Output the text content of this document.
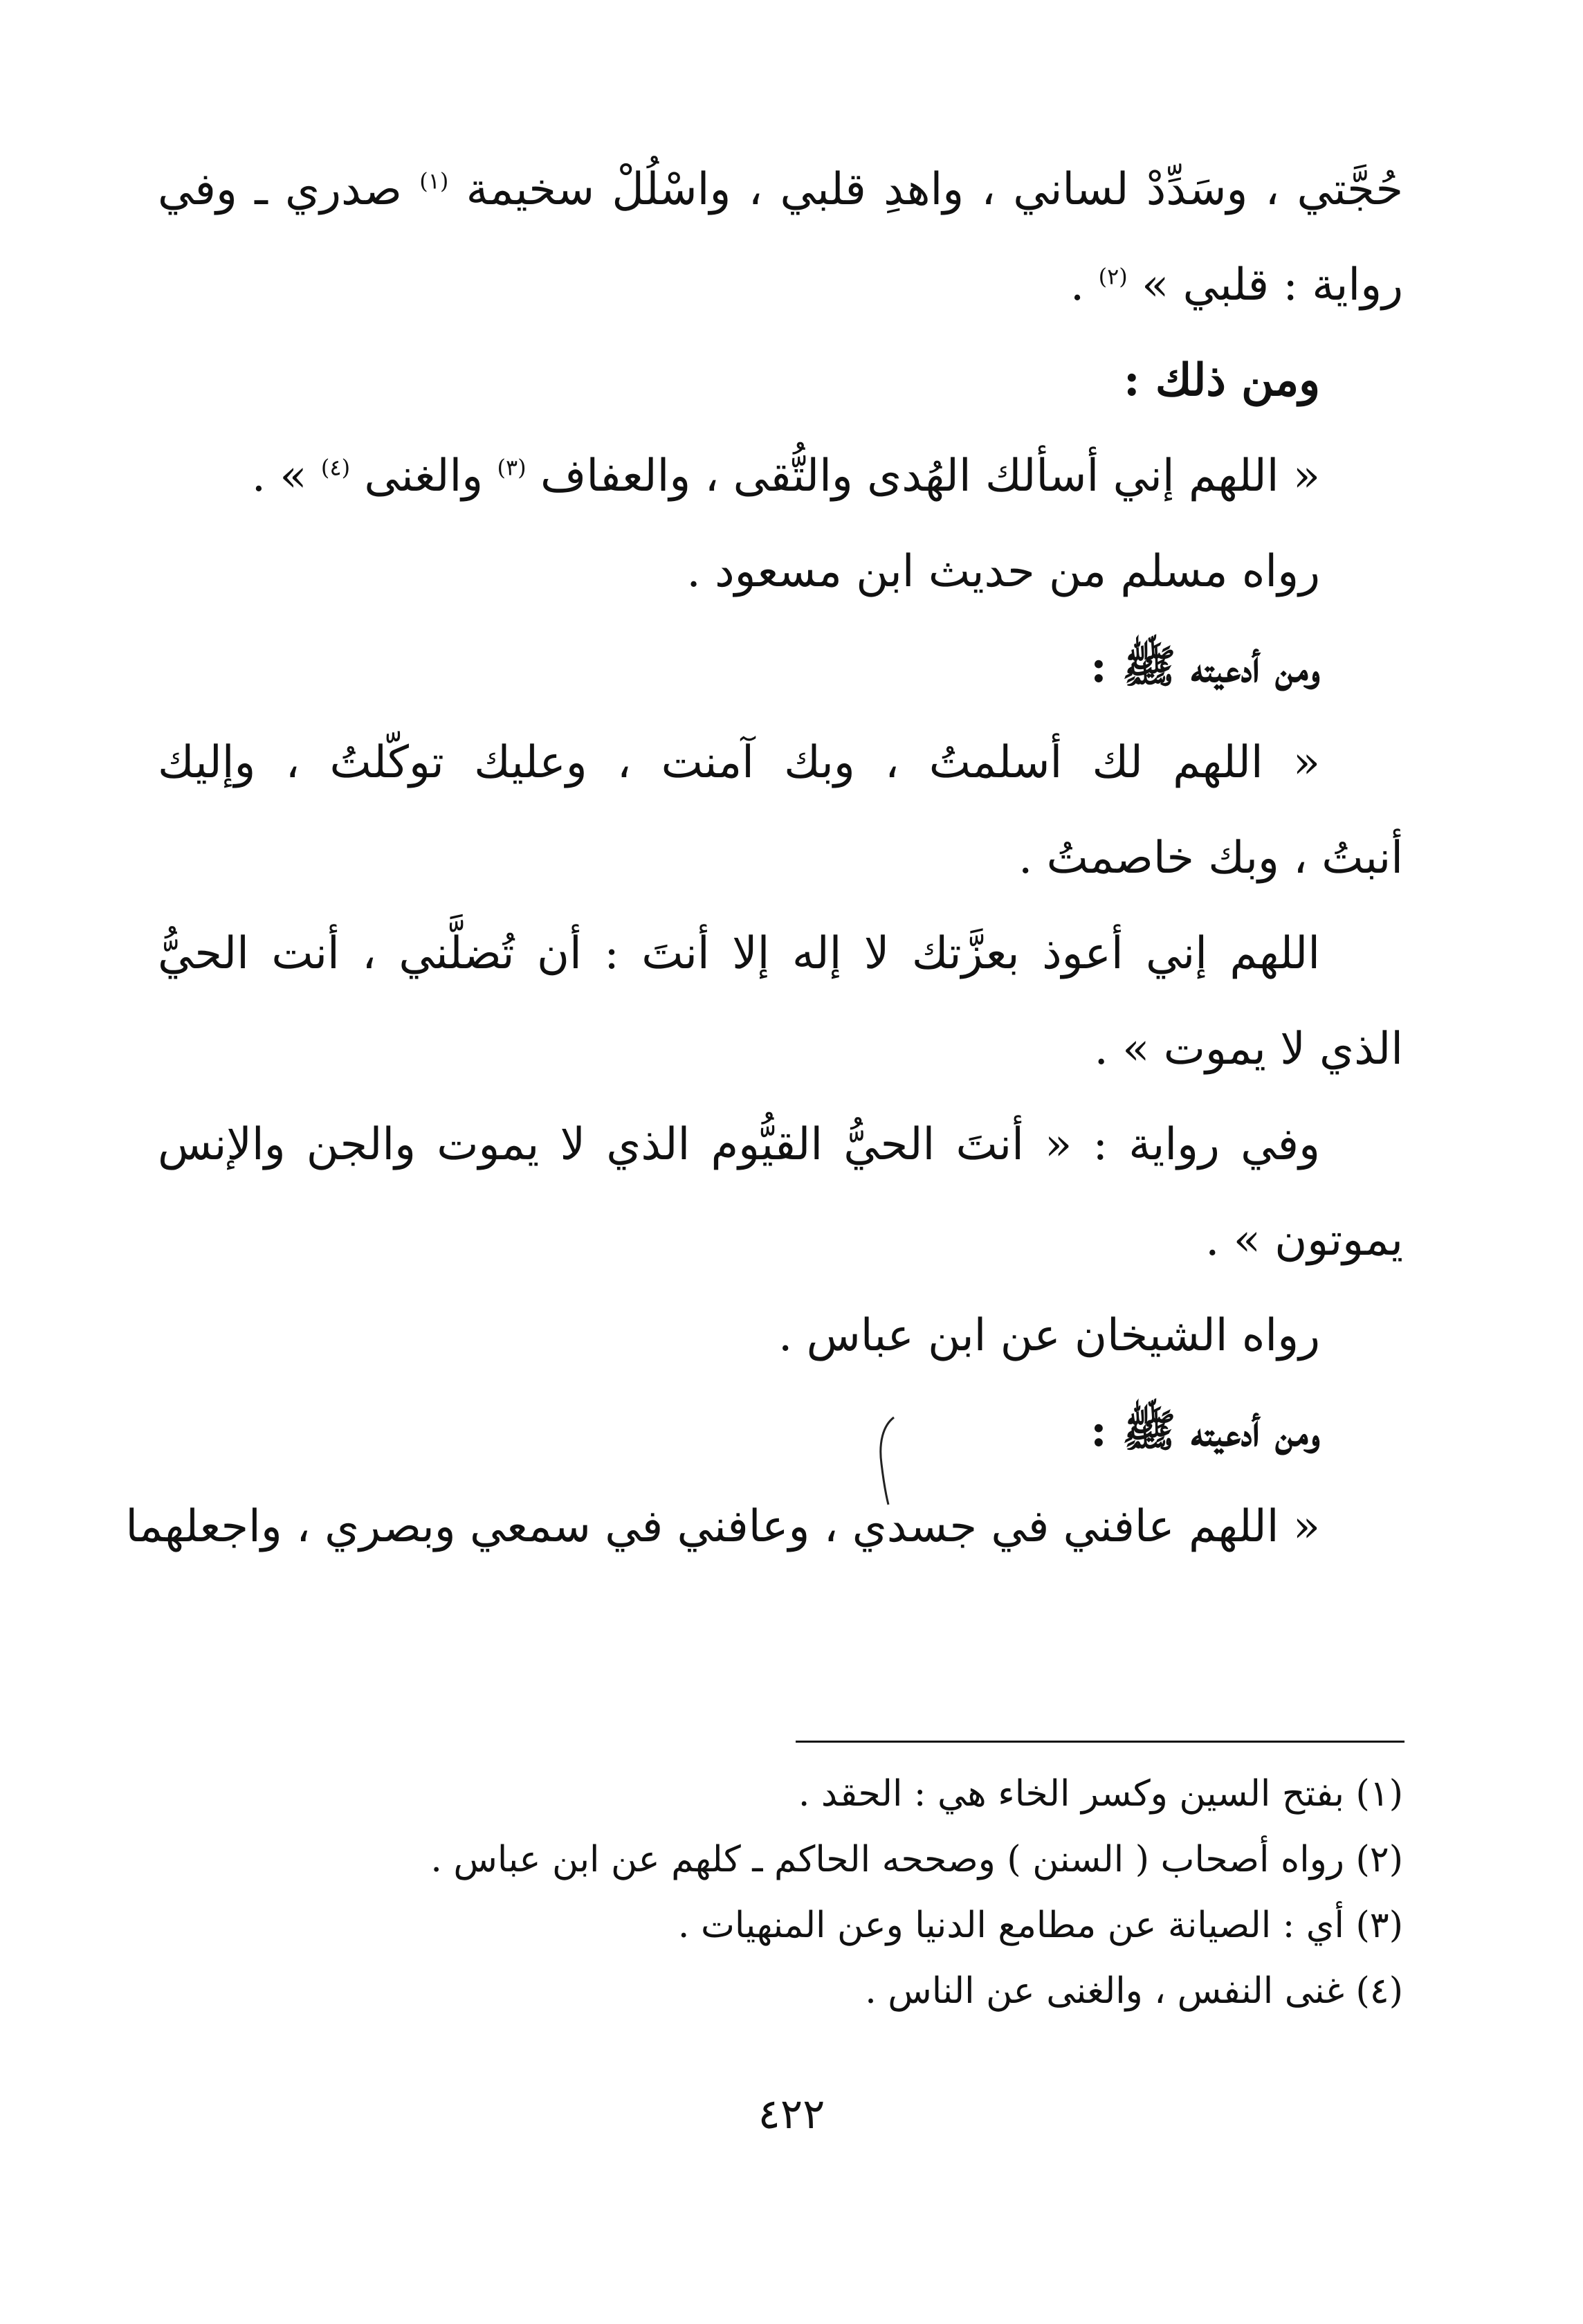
حُجَّتي ، وسَدِّدْ لساني ، واهدِ قلبي ، واسْلُلْ سخيمة $^{(١)}$ صدري ـ وفي
رواية : قلبي » $^{(٢)}$ .
ومن ذلك :
« اللهم إني أسألك الهُدى والتُّقى ، والعفاف $^{(٣)}$ والغنى $^{(٤)}$ » .
رواه مسلم من حديث ابن مسعود .
ومن أدعيته ﷺ :
« اللهم لك أسلمتُ ، وبك آمنت ، وعليك توكّلتُ ، وإليك
أنبتُ ، وبك خاصمتُ .
اللهم إني أعوذ بعزَّتك لا إله إلا أنتَ : أن تُضلَّني ، أنت الحيُّ
الذي لا يموت » .
وفي رواية : « أنتَ الحيُّ القيُّوم الذي لا يموت والجن والإنس
يموتون » .
رواه الشيخان عن ابن عباس .
ومن أدعيته ﷺ :
« اللهم عافني في جسدي ، وعافني في سمعي وبصري ، واجعلهما
(١) بفتح السين وكسر الخاء هي : الحقد .
(٢) رواه أصحاب ( السنن ) وصححه الحاكم ـ كلهم عن ابن عباس .
(٣) أي : الصيانة عن مطامع الدنيا وعن المنهيات .
(٤) غنى النفس ، والغنى عن الناس .
٤٢٢
